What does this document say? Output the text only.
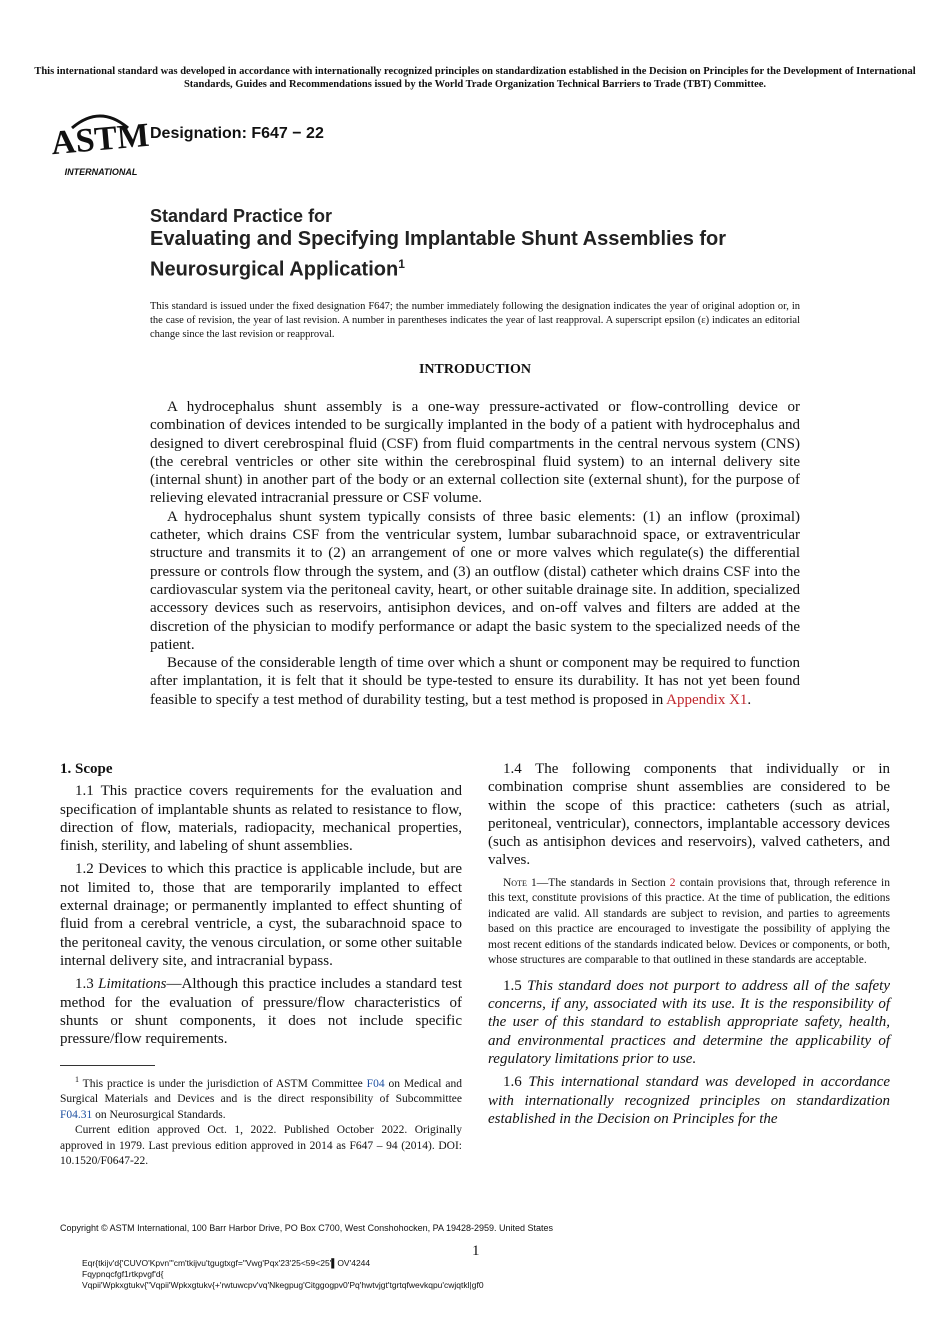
This international standard was developed in accordance with internationally recognized principles on standardization established in the Decision on Principles for the Development of International Standards, Guides and Recommendations issued by the World Trade Organization Technical Barriers to Trade (TBT) Committee.
ASTM
INTERNATIONAL
Designation: F647 − 22
Standard Practice for
Evaluating and Specifying Implantable Shunt Assemblies for
Neurosurgical Application$^1$
This standard is issued under the fixed designation F647; the number immediately following the designation indicates the year of original adoption or, in the case of revision, the year of last revision. A number in parentheses indicates the year of last reapproval. A superscript epsilon (ε) indicates an editorial change since the last revision or reapproval.
INTRODUCTION

A hydrocephalus shunt assembly is a one-way pressure-activated or flow-controlling device or combination of devices intended to be surgically implanted in the body of a patient with hydrocephalus and designed to divert cerebrospinal fluid (CSF) from fluid compartments in the central nervous system (CNS) (the cerebral ventricles or other site within the cerebrospinal fluid system) to an internal delivery site (internal shunt) in another part of the body or an external collection site (external shunt), for the purpose of relieving elevated intracranial pressure or CSF volume.

A hydrocephalus shunt system typically consists of three basic elements: (1) an inflow (proximal) catheter, which drains CSF from the ventricular system, lumbar subarachnoid space, or extraventricular structure and transmits it to (2) an arrangement of one or more valves which regulate(s) the differential pressure or controls flow through the system, and (3) an outflow (distal) catheter which drains CSF into the cardiovascular system via the peritoneal cavity, heart, or other suitable drainage site. In addition, specialized accessory devices such as reservoirs, antisiphon devices, and on-off valves and filters are added at the discretion of the physician to modify performance or adapt the basic system to the specialized needs of the patient.

Because of the considerable length of time over which a shunt or component may be required to function after implantation, it is felt that it should be type-tested to ensure its durability. It has not yet been found feasible to specify a test method of durability testing, but a test method is proposed in Appendix X1.

1. Scope

1.1 This practice covers requirements for the evaluation and specification of implantable shunts as related to resistance to flow, direction of flow, materials, radiopacity, mechanical properties, finish, sterility, and labeling of shunt assemblies.

1.2 Devices to which this practice is applicable include, but are not limited to, those that are temporarily implanted to effect external drainage; or permanently implanted to effect shunting of fluid from a cerebral ventricle, a cyst, the subarachnoid space to the peritoneal cavity, the venous circulation, or some other suitable internal delivery site, and intracranial bypass.

1.3 Limitations—Although this practice includes a standard test method for the evaluation of pressure/flow characteristics of shunts or shunt components, it does not include specific pressure/flow requirements.

$^1$ This practice is under the jurisdiction of ASTM Committee F04 on Medical and Surgical Materials and Devices and is the direct responsibility of Subcommittee F04.31 on Neurosurgical Standards.

Current edition approved Oct. 1, 2022. Published October 2022. Originally approved in 1979. Last previous edition approved in 2014 as F647 – 94 (2014). DOI: 10.1520/F0647-22.

1.4 The following components that individually or in combination comprise shunt assemblies are considered to be within the scope of this practice: catheters (such as atrial, peritoneal, ventricular), connectors, implantable accessory devices (such as antisiphon devices and reservoirs), valved catheters, and valves.

Note 1—The standards in Section 2 contain provisions that, through reference in this text, constitute provisions of this practice. At the time of publication, the editions indicated are valid. All standards are subject to revision, and parties to agreements based on this practice are encouraged to investigate the possibility of applying the most recent editions of the standards indicated below. Devices or components, or both, whose structures are comparable to that outlined in these standards are acceptable.

1.5 This standard does not purport to address all of the safety concerns, if any, associated with its use. It is the responsibility of the user of this standard to establish appropriate safety, health, and environmental practices and determine the applicability of regulatory limitations prior to use.

1.6 This international standard was developed in accordance with internationally recognized principles on standardization established in the Decision on Principles for the

Copyright © ASTM International, 100 Barr Harbor Drive, PO Box C700, West Conshohocken, PA 19428-2959. United States
1
Eqr{tkijv'd{'CUVO'Kpvn'"cm'tkijvu'tgugtxgf="Vwg'Pqx'23'25<59<25'▌OV'4244
Fqypnqcfgf1rtkpvgf'd{
Vqpii'Wpkxgtukv{"Vqpii'Wpkxgtukv{+'rwtuwcpv'vq'Nkegpug'Citggogpv0'Pq'hwtvjgt'tgrtqfwevkqpu'cwjqtkl|gf0
